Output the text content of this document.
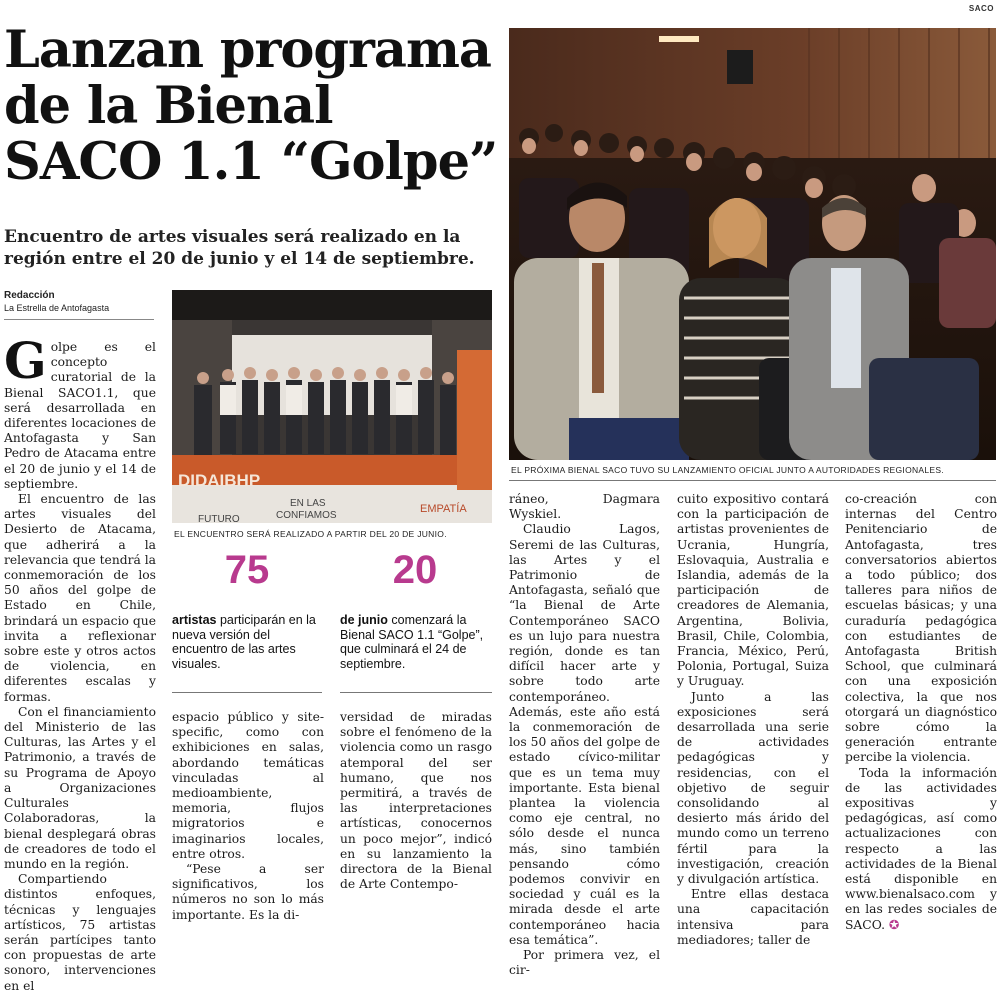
SACO
Lanzan programa de la Bienal SACO 1.1 “Golpe”
Encuentro de artes visuales será realizado en la región entre el 20 de junio y el 14 de septiembre.
Redacción
La Estrella de Antofagasta
EL PRÓXIMA BIENAL SACO TUVO SU LANZAMIENTO OFICIAL JUNTO A AUTORIDADES REGIONALES.
DIDAIBHP
CONFIAMOS
EN LAS
FUTURO
EMPATÍA
EL ENCUENTRO SERÁ REALIZADO A PARTIR DEL 20 DE JUNIO.
75
artistas participarán en la nueva versión del encuentro de las artes visuales.
20
de junio comenzará la Bienal SACO 1.1 “Golpe”, que culminará el 24 de septiembre.

Golpe es el concepto curatorial de la Bienal SACO1.1, que será desarrollada en diferentes locaciones de Antofagasta y San Pedro de Atacama entre el 20 de junio y el 14 de septiembre.

El encuentro de las artes visuales del Desierto de Atacama, que adherirá a la relevancia que tendrá la conmemoración de los 50 años del golpe de Estado en Chile, brindará un espacio que invita a reflexionar sobre este y otros actos de violencia, en diferentes escalas y formas.

Con el financiamiento del Ministerio de las Culturas, las Artes y el Patrimonio, a través de su Programa de Apoyo a Organizaciones Culturales Colaboradoras, la bienal desplegará obras de creadores de todo el mundo en la región.

Compartiendo distintos enfoques, técnicas y lenguajes artísticos, 75 artistas serán partícipes tanto con propuestas de arte sonoro, intervenciones en el

espacio público y site-specific, como con exhibiciones en salas, abordando temáticas vinculadas al medioambiente, memoria, flujos migratorios e imaginarios locales, entre otros.

“Pese a ser significativos, los números no son lo más importante. Es la di-

versidad de miradas sobre el fenómeno de la violencia como un rasgo atemporal del ser humano, que nos permitirá, a través de las interpretaciones artísticas, conocernos un poco mejor”, indicó en su lanzamiento la directora de la Bienal de Arte Contempo-

ráneo, Dagmara Wyskiel.

Claudio Lagos, Seremi de las Culturas, las Artes y el Patrimonio de Antofagasta, señaló que “la Bienal de Arte Contemporáneo SACO es un lujo para nuestra región, donde es tan difícil hacer arte y sobre todo arte contemporáneo. Además, este año está la conmemoración de los 50 años del golpe de estado cívico-militar que es un tema muy importante. Esta bienal plantea la violencia como eje central, no sólo desde el nunca más, sino también pensando cómo podemos convivir en sociedad y cuál es la mirada desde el arte contemporáneo hacia esa temática”.

Por primera vez, el cir-

cuito expositivo contará con la participación de artistas provenientes de Ucrania, Hungría, Eslovaquia, Australia e Islandia, además de la participación de creadores de Alemania, Argentina, Bolivia, Brasil, Chile, Colombia, Francia, México, Perú, Polonia, Portugal, Suiza y Uruguay.

Junto a las exposiciones será desarrollada una serie de actividades pedagógicas y residencias, con el objetivo de seguir consolidando al desierto más árido del mundo como un terreno fértil para la investigación, creación y divulgación artística.

Entre ellas destaca una capacitación intensiva para mediadores; taller de

co-creación con internas del Centro Penitenciario de Antofagasta, tres conversatorios abiertos a todo público; dos talleres para niños de escuelas básicas; y una curaduría pedagógica con estudiantes de Antofagasta British School, que culminará con una exposición colectiva, la que nos otorgará un diagnóstico sobre cómo la generación entrante percibe la violencia.

Toda la información de las actividades expositivas y pedagógicas, así como actualizaciones con respecto a las actividades de la Bienal está disponible en www.bienalsaco.com y en las redes sociales de SACO. ✪
